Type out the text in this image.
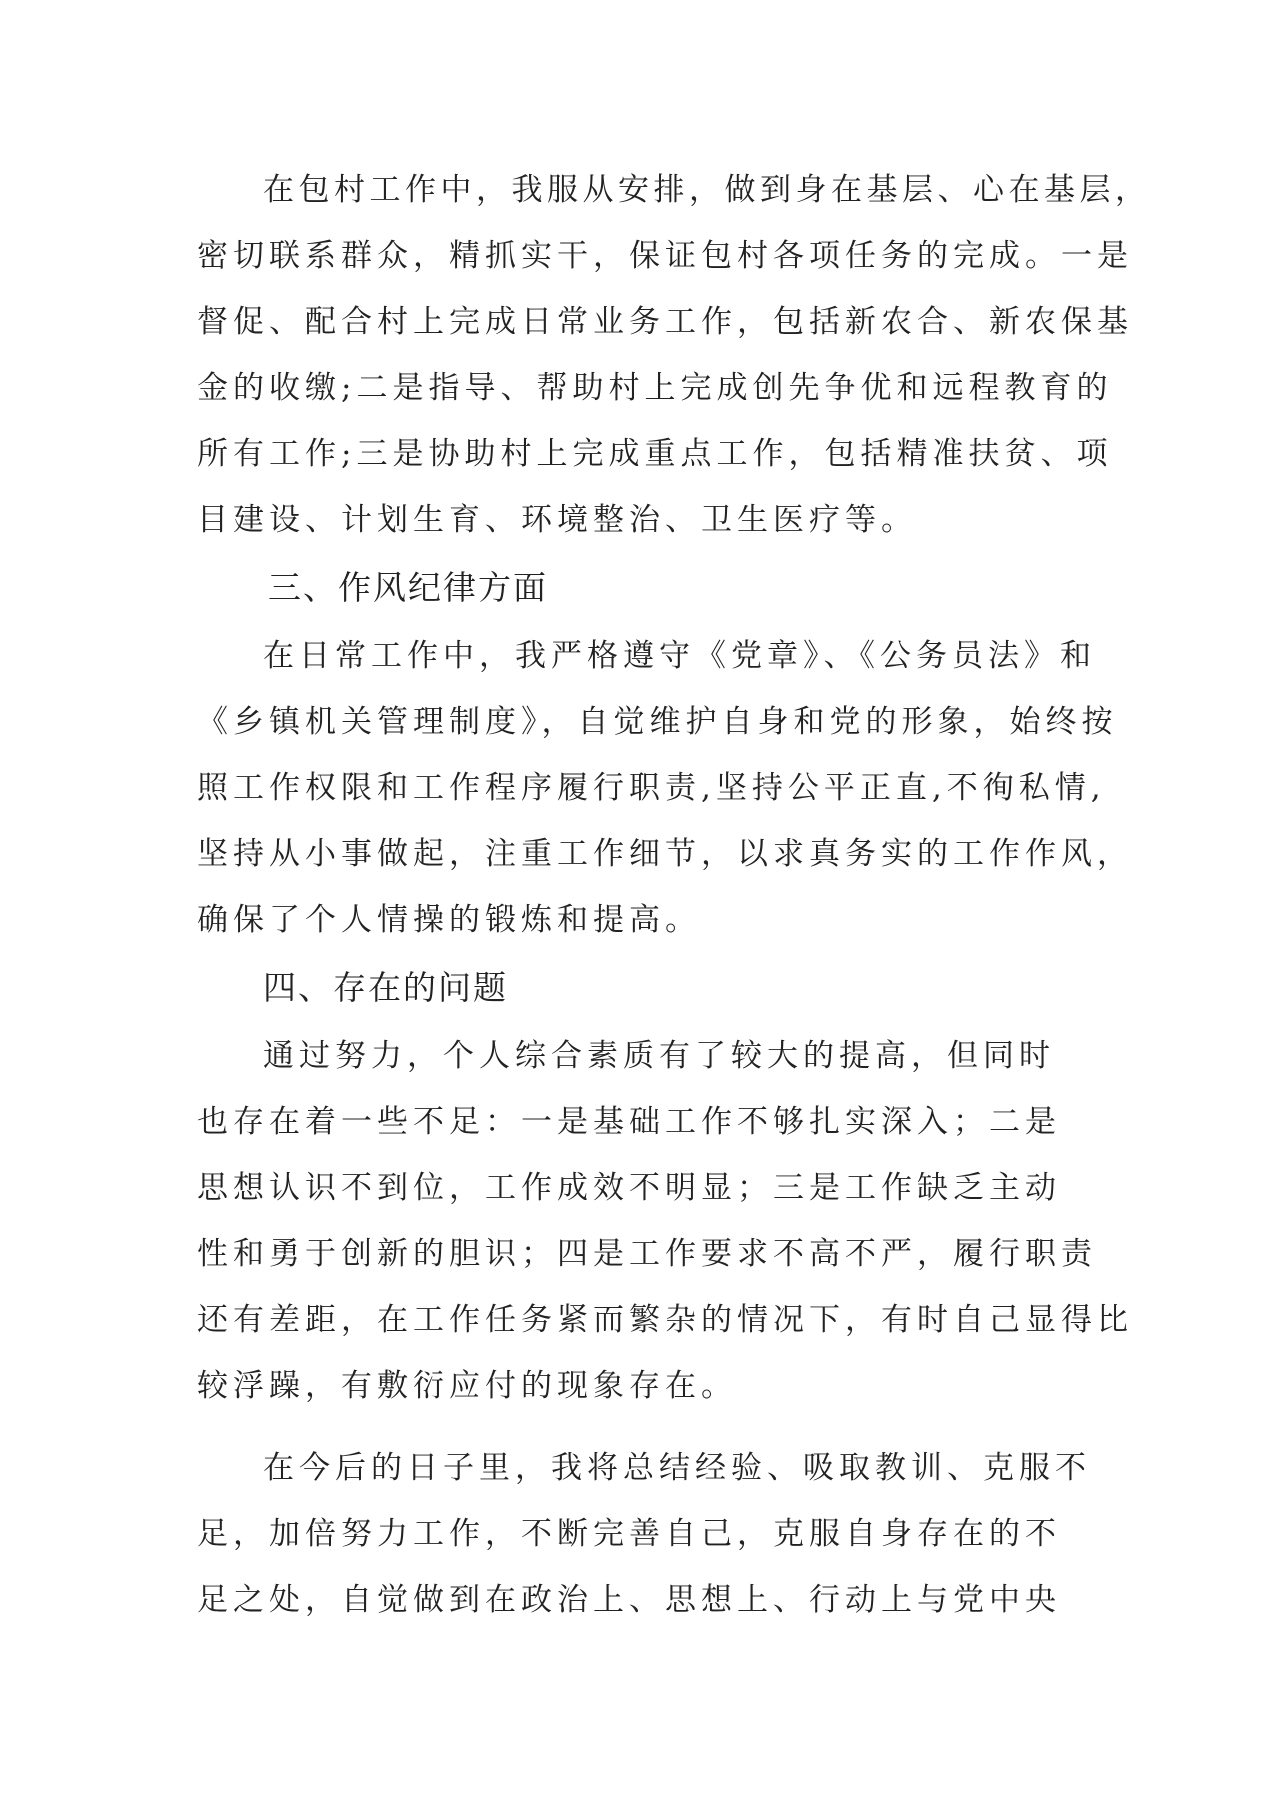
在包村工作中，我服从安排，做到身在基层、心在基层，
密切联系群众，精抓实干，保证包村各项任务的完成。一是
督促、配合村上完成日常业务工作，包括新农合、新农保基
金的收缴;二是指导、帮助村上完成创先争优和远程教育的
所有工作;三是协助村上完成重点工作，包括精准扶贫、项
目建设、计划生育、环境整治、卫生医疗等。
三、作风纪律方面
在日常工作中，我严格遵守《党章》、《公务员法》和
《乡镇机关管理制度》，自觉维护自身和党的形象，始终按
照工作权限和工作程序履行职责,坚持公平正直,不徇私情,
坚持从小事做起，注重工作细节，以求真务实的工作作风，
确保了个人情操的锻炼和提高。
四、存在的问题
通过努力，个人综合素质有了较大的提高，但同时
也存在着一些不足：一是基础工作不够扎实深入；二是
思想认识不到位，工作成效不明显；三是工作缺乏主动
性和勇于创新的胆识；四是工作要求不高不严，履行职责
还有差距，在工作任务紧而繁杂的情况下，有时自己显得比
较浮躁，有敷衍应付的现象存在。
在今后的日子里，我将总结经验、吸取教训、克服不
足，加倍努力工作，不断完善自己，克服自身存在的不
足之处，自觉做到在政治上、思想上、行动上与党中央
